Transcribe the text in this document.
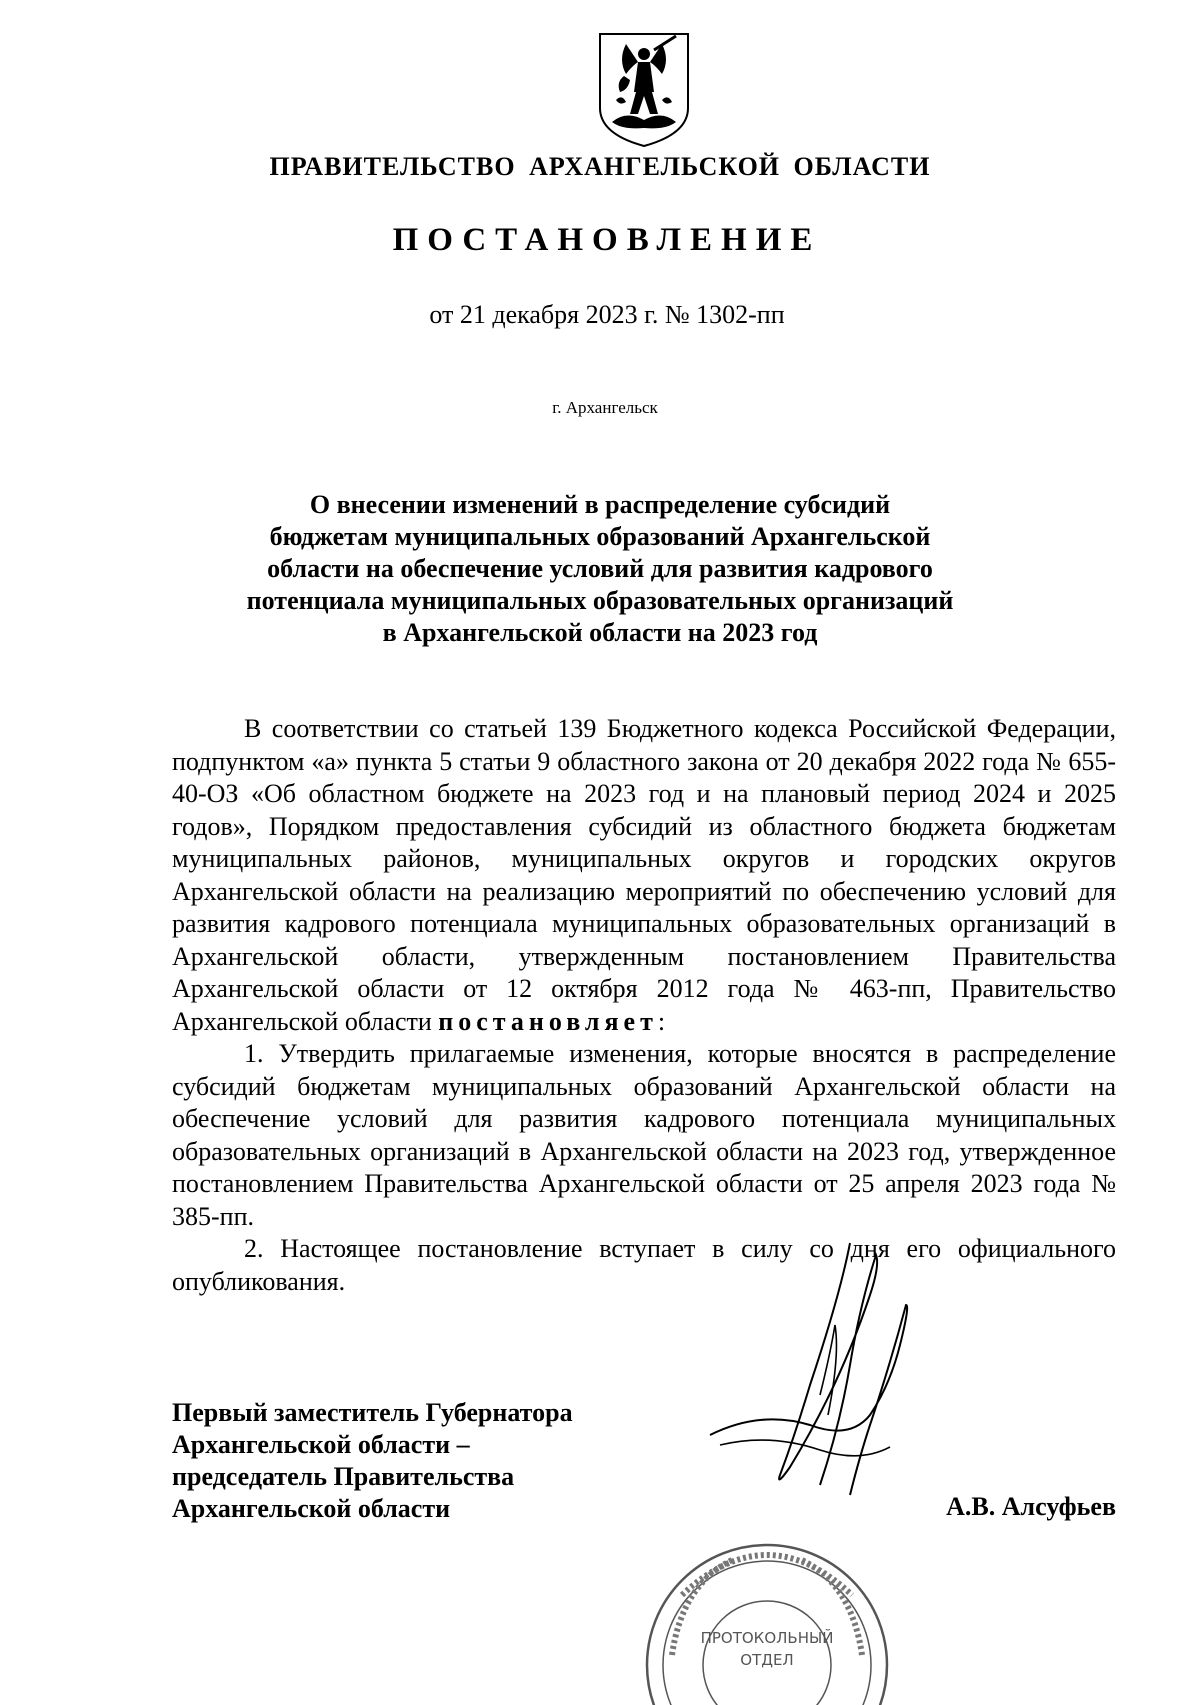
ПРАВИТЕЛЬСТВО АРХАНГЕЛЬСКОЙ ОБЛАСТИ
ПОСТАНОВЛЕНИЕ
от 21 декабря 2023 г. № 1302-пп
г. Архангельск
О внесении изменений в распределение субсидий
бюджетам муниципальных образований Архангельской
области на обеспечение условий для развития кадрового
потенциала муниципальных образовательных организаций
в Архангельской области на 2023 год

В соответствии со статьей 139 Бюджетного кодекса Российской Федерации, подпунктом «а» пункта 5 статьи 9 областного закона от 20 декабря 2022 года № 655-40-ОЗ «Об областном бюджете на 2023 год и на плановый период 2024 и 2025 годов», Порядком предоставления субсидий из областного бюджета бюджетам муниципальных районов, муниципальных округов и городских округов Архангельской области на реализацию мероприятий по обеспечению условий для развития кадрового потенциала муниципальных образовательных организаций в Архангельской области, утвержденным постановлением Правительства Архангельской области от 12 октября 2012 года № 463-пп, Правительство Архангельской области постановляет:

1. Утвердить прилагаемые изменения, которые вносятся в распределение субсидий бюджетам муниципальных образований Архангельской области на обеспечение условий для развития кадрового потенциала муниципальных образовательных организаций в Архангельской области на 2023 год, утвержденное постановлением Правительства Архангельской области от 25 апреля 2023 года № 385-пп.

2. Настоящее постановление вступает в силу со дня его официального опубликования.

Первый заместитель Губернатора
Архангельской области –
председатель Правительства
Архангельской области	А.В. Алсуфьев
ПРОТОКОЛЬНЫЙ
ОТДЕЛ
